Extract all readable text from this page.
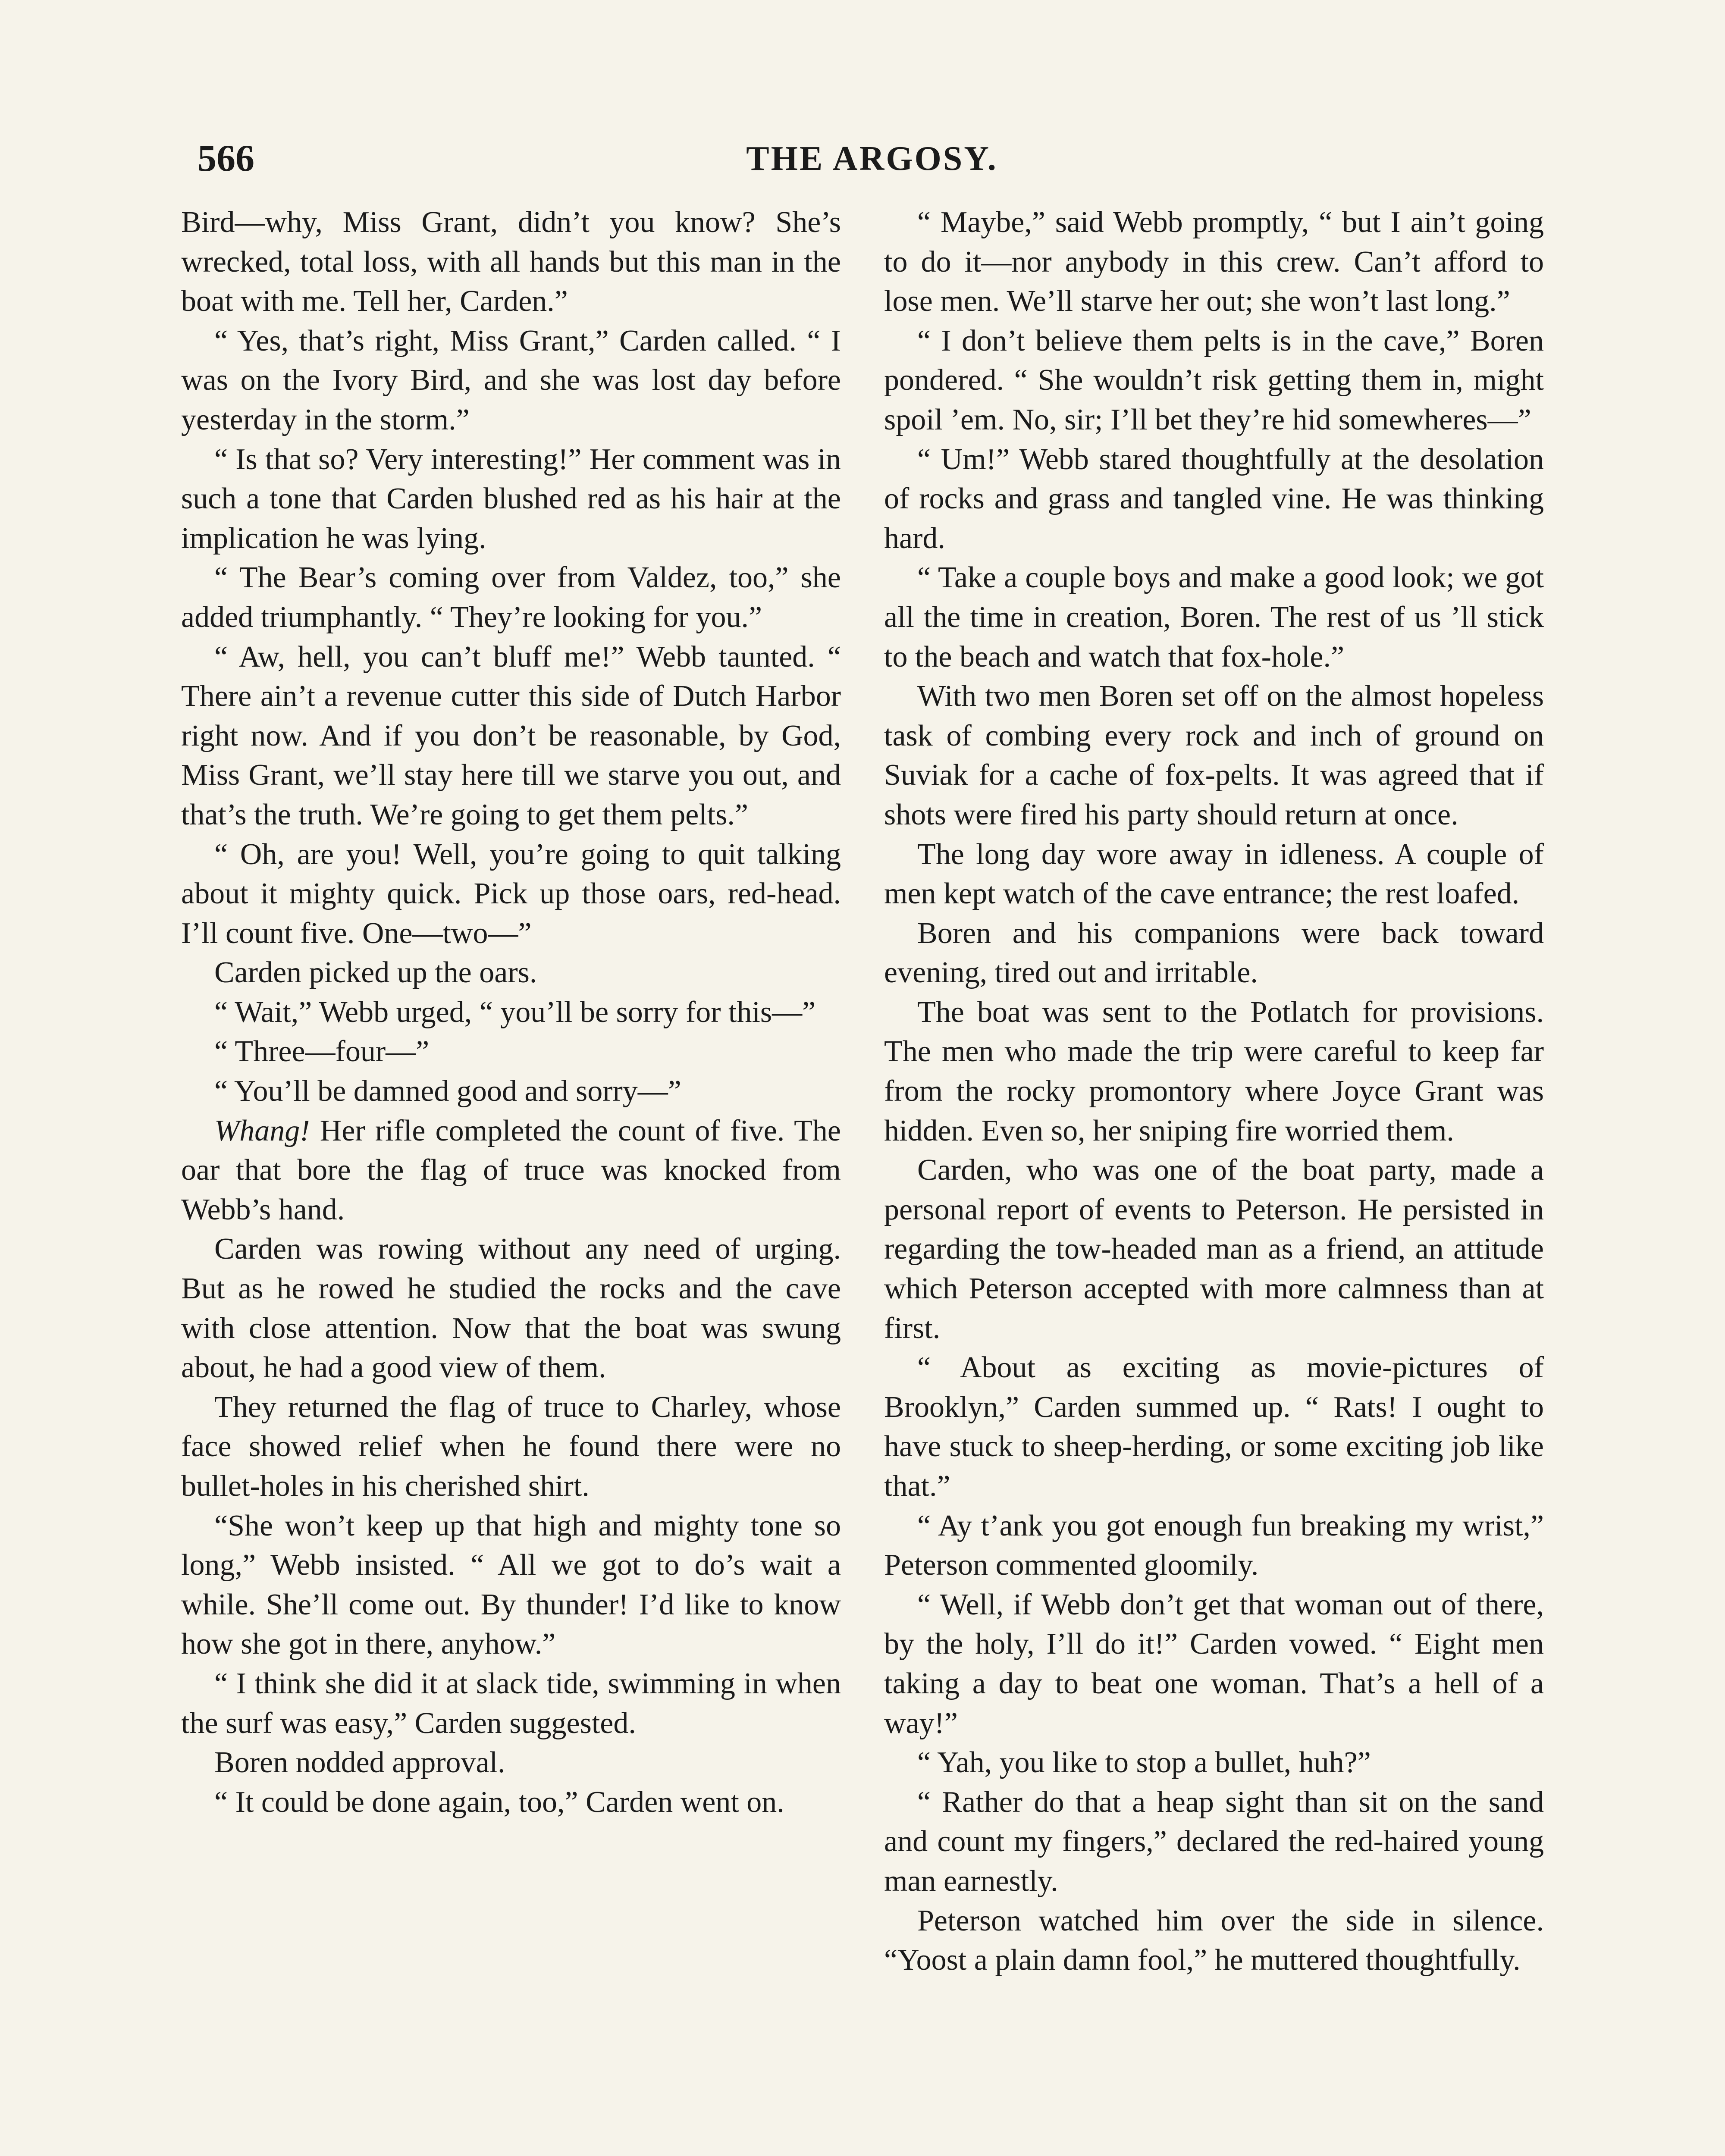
566	THE ARGOSY.

Bird—why, Miss Grant, didn’t you know? She’s wrecked, total loss, with all hands but this man in the boat with me. Tell her, Carden.”

“ Yes, that’s right, Miss Grant,” Carden called. “ I was on the Ivory Bird, and she was lost day before yesterday in the storm.”

“ Is that so? Very interesting!” Her comment was in such a tone that Carden blushed red as his hair at the implication he was lying.

“ The Bear’s coming over from Valdez, too,” she added triumphantly. “ They’re looking for you.”

“ Aw, hell, you can’t bluff me!” Webb taunted. “ There ain’t a revenue cutter this side of Dutch Harbor right now. And if you don’t be reasonable, by God, Miss Grant, we’ll stay here till we starve you out, and that’s the truth. We’re going to get them pelts.”

“ Oh, are you! Well, you’re going to quit talking about it mighty quick. Pick up those oars, red-head. I’ll count five. One—two—”

Carden picked up the oars.

“ Wait,” Webb urged, “ you’ll be sorry for this—”

“ Three—four—”

“ You’ll be damned good and sorry—”

Whang! Her rifle completed the count of five. The oar that bore the flag of truce was knocked from Webb’s hand.

Carden was rowing without any need of urging. But as he rowed he studied the rocks and the cave with close attention. Now that the boat was swung about, he had a good view of them.

They returned the flag of truce to Charley, whose face showed relief when he found there were no bullet-holes in his cherished shirt.

“She won’t keep up that high and mighty tone so long,” Webb insisted. “ All we got to do’s wait a while. She’ll come out. By thunder! I’d like to know how she got in there, anyhow.”

“ I think she did it at slack tide, swimming in when the surf was easy,” Carden suggested.

Boren nodded approval.

“ It could be done again, too,” Carden went on.

“ Maybe,” said Webb promptly, “ but I ain’t going to do it—nor anybody in this crew. Can’t afford to lose men. We’ll starve her out; she won’t last long.”

“ I don’t believe them pelts is in the cave,” Boren pondered. “ She wouldn’t risk getting them in, might spoil ’em. No, sir; I’ll bet they’re hid somewheres—”

“ Um!” Webb stared thoughtfully at the desolation of rocks and grass and tangled vine. He was thinking hard.

“ Take a couple boys and make a good look; we got all the time in creation, Boren. The rest of us ’ll stick to the beach and watch that fox-hole.”

With two men Boren set off on the almost hopeless task of combing every rock and inch of ground on Suviak for a cache of fox-pelts. It was agreed that if shots were fired his party should return at once.

The long day wore away in idleness. A couple of men kept watch of the cave entrance; the rest loafed.

Boren and his companions were back toward evening, tired out and irritable.

The boat was sent to the Potlatch for provisions. The men who made the trip were careful to keep far from the rocky promontory where Joyce Grant was hidden. Even so, her sniping fire worried them.

Carden, who was one of the boat party, made a personal report of events to Peterson. He persisted in regarding the tow-headed man as a friend, an attitude which Peterson accepted with more calmness than at first.

“ About as exciting as movie-pictures of Brooklyn,” Carden summed up. “ Rats! I ought to have stuck to sheep-herding, or some exciting job like that.”

“ Ay t’ank you got enough fun breaking my wrist,” Peterson commented gloomily.

“ Well, if Webb don’t get that woman out of there, by the holy, I’ll do it!” Carden vowed. “ Eight men taking a day to beat one woman. That’s a hell of a way!”

“ Yah, you like to stop a bullet, huh?”

“ Rather do that a heap sight than sit on the sand and count my fingers,” declared the red-haired young man earnestly.

Peterson watched him over the side in silence. “Yoost a plain damn fool,” he muttered thoughtfully.
